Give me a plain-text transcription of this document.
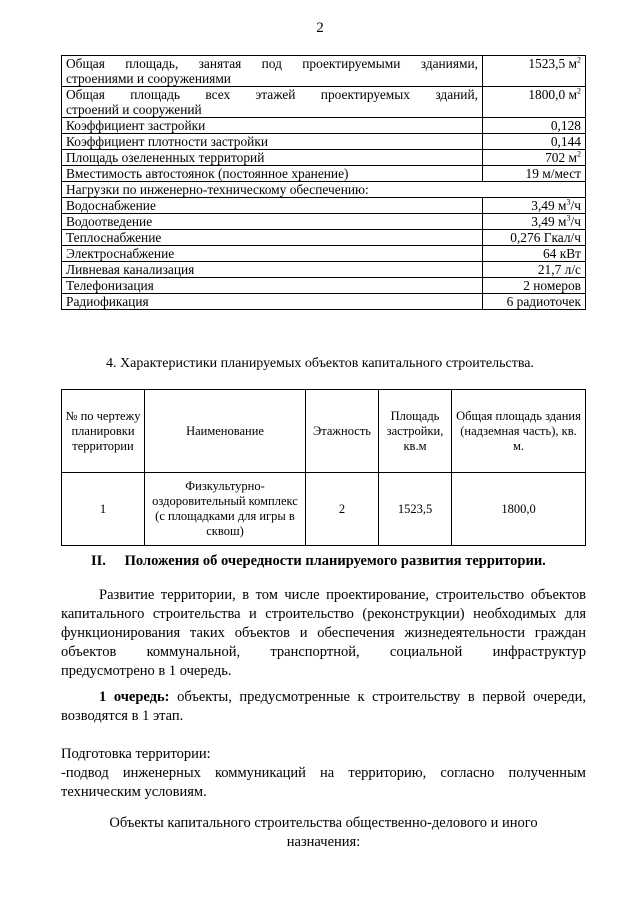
2
Общая площадь, занятая под проектируемыми зданиями,
строениями и сооружениями	1523,5 $м^2$

Общая площадь всех этажей проектируемых зданий,
строений и сооружений	1800,0 $м^2$
Коэффициент застройки	0,128
Коэффициент плотности застройки	0,144
Площадь озелененных территорий	702 $м^2$
Вместимость автостоянок (постоянное хранение)	19 м/мест
Нагрузки по инженерно-техническому обеспечению:	
Водоснабжение	3,49 $м^3/ч$
Водоотведение	3,49 $м^3/ч$
Теплоснабжение	0,276 Гкал/ч
Электроснабжение	64 кВт
Ливневая канализация	21,7 л/с
Телефонизация	2 номеров
Радиофикация	6 радиоточек
4. Характеристики планируемых объектов капитального строительства.
№ по чертежу планировки территории	Наименование	Этажность	Площадь застройки, кв.м	Общая площадь здания (надземная часть), кв. м.
1	Физкультурно-оздоровительный комплекс (с площадками для игры в сквош)	2	1523,5	1800,0
II. Положения об очередности планируемого развития территории.
Развитие территории, в том числе проектирование, строительство объектов
капитального строительства и строительство (реконструкции) необходимых для
функционирования таких объектов и обеспечения жизнедеятельности граждан
объектов коммунальной, транспортной, социальной инфраструктур
предусмотрено в 1 очередь.
1 очередь: объекты, предусмотренные к строительству в первой очереди,
возводятся в 1 этап.
Подготовка территории:
-подвод инженерных коммуникаций на территорию, согласно полученным
техническим условиям.
Объекты капитального строительства общественно-делового и иного
назначения:
